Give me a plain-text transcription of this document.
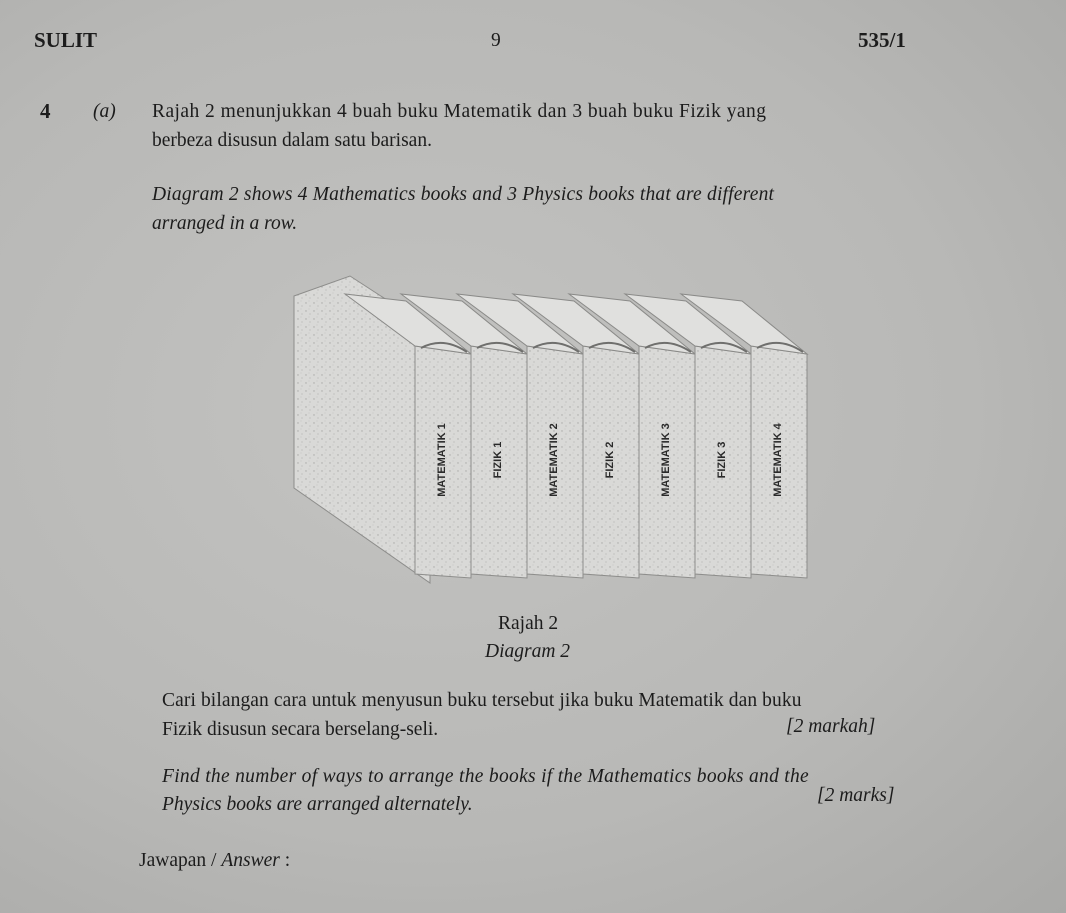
SULIT	9	535/1
4 (a) Rajah 2 menunjukkan 4 buah buku Matematik dan 3 buah buku Fizik yang
berbeza disusun dalam satu barisan.
Diagram 2 shows 4 Mathematics books and 3 Physics books that are different
arranged in a row.
MATEMATIK 1	FIZIK 1	MATEMATIK 2	FIZIK 2	MATEMATIK 3	FIZIK 3	MATEMATIK 4
Rajah 2
Diagram 2
Cari bilangan cara untuk menyusun buku tersebut jika buku Matematik dan buku
Fizik disusun secara berselang-seli.	[2 markah]
Find the number of ways to arrange the books if the Mathematics books and the
Physics books are arranged alternately.	[2 marks]
Jawapan / Answer :
